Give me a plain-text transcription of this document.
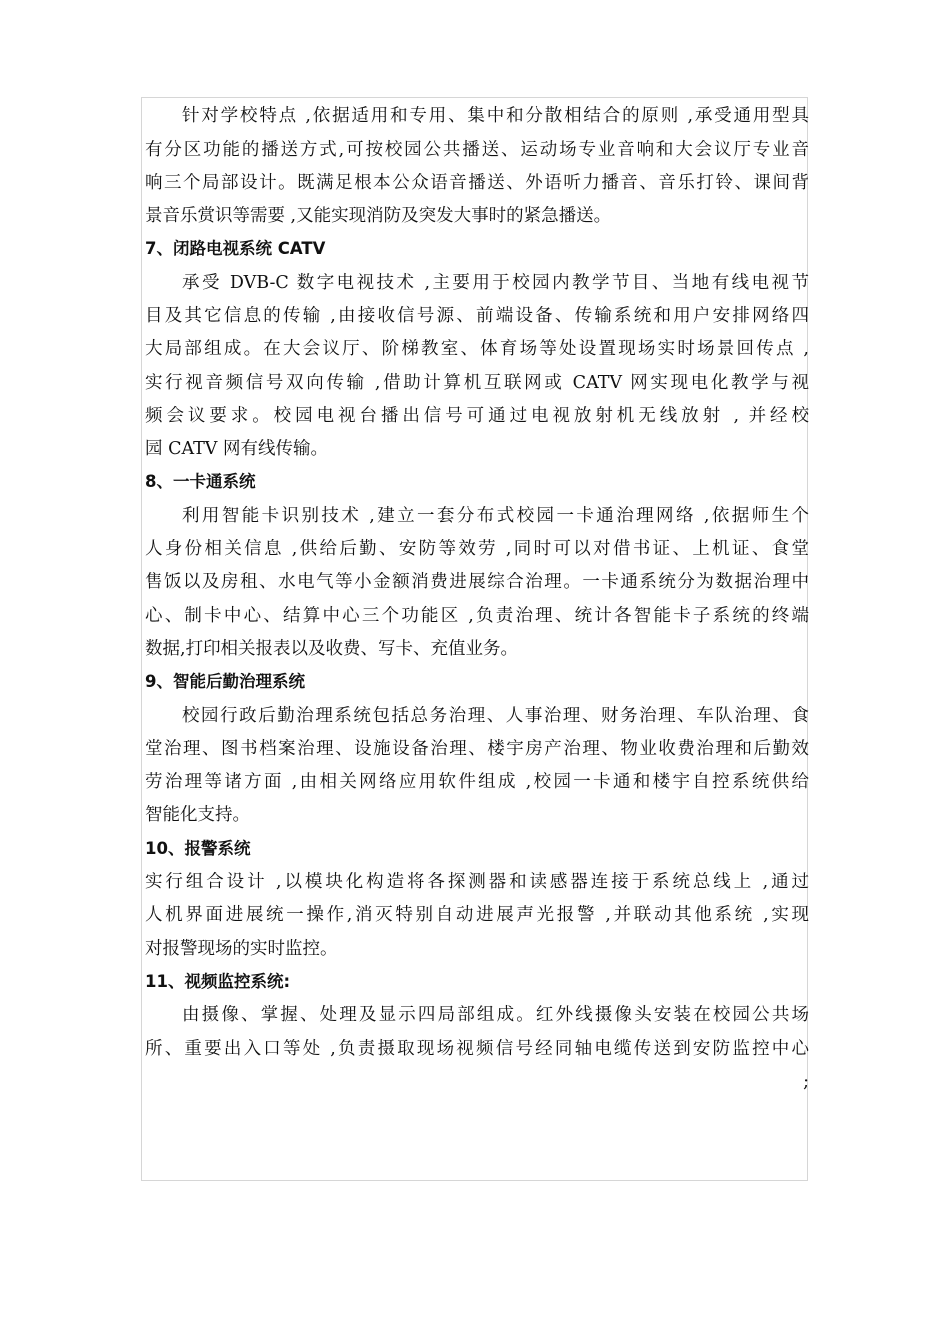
针对学校特点 ,依据适用和专用、集中和分散相结合的原则 ,承受通用型具
有分区功能的播送方式,可按校园公共播送、运动场专业音响和大会议厅专业音
响三个局部设计。既满足根本公众语音播送、外语听力播音、音乐打铃、课间背
景音乐赏识等需要 ,又能实现消防及突发大事时的紧急播送。
7、闭路电视系统 CATV
承受 DVB-C 数字电视技术 ,主要用于校园内教学节目、当地有线电视节
目及其它信息的传输 ,由接收信号源、前端设备、传输系统和用户安排网络四
大局部组成。在大会议厅、阶梯教室、体育场等处设置现场实时场景回传点 ,
实行视音频信号双向传输 ,借助计算机互联网或 CATV 网实现电化教学与视
频会议要求。校园电视台播出信号可通过电视放射机无线放射 , 并经校
园 CATV 网有线传输。
8、一卡通系统
利用智能卡识别技术 ,建立一套分布式校园一卡通治理网络 ,依据师生个
人身份相关信息 ,供给后勤、安防等效劳 ,同时可以对借书证、上机证、食堂
售饭以及房租、水电气等小金额消费进展综合治理。一卡通系统分为数据治理中
心、制卡中心、结算中心三个功能区 ,负责治理、统计各智能卡子系统的终端
数据,打印相关报表以及收费、写卡、充值业务。
9、智能后勤治理系统
校园行政后勤治理系统包括总务治理、人事治理、财务治理、车队治理、食
堂治理、图书档案治理、设施设备治理、楼宇房产治理、物业收费治理和后勤效
劳治理等诸方面 ,由相关网络应用软件组成 ,校园一卡通和楼宇自控系统供给
智能化支持。
10、报警系统
实行组合设计 ,以模块化构造将各探测器和读感器连接于系统总线上 ,通过
人机界面进展统一操作,消灭特别自动进展声光报警 ,并联动其他系统 ,实现
对报警现场的实时监控。
11、视频监控系统:
由摄像、掌握、处理及显示四局部组成。红外线摄像头安装在校园公共场
所、重要出入口等处 ,负责摄取现场视频信号经同轴电缆传送到安防监控中心
;
